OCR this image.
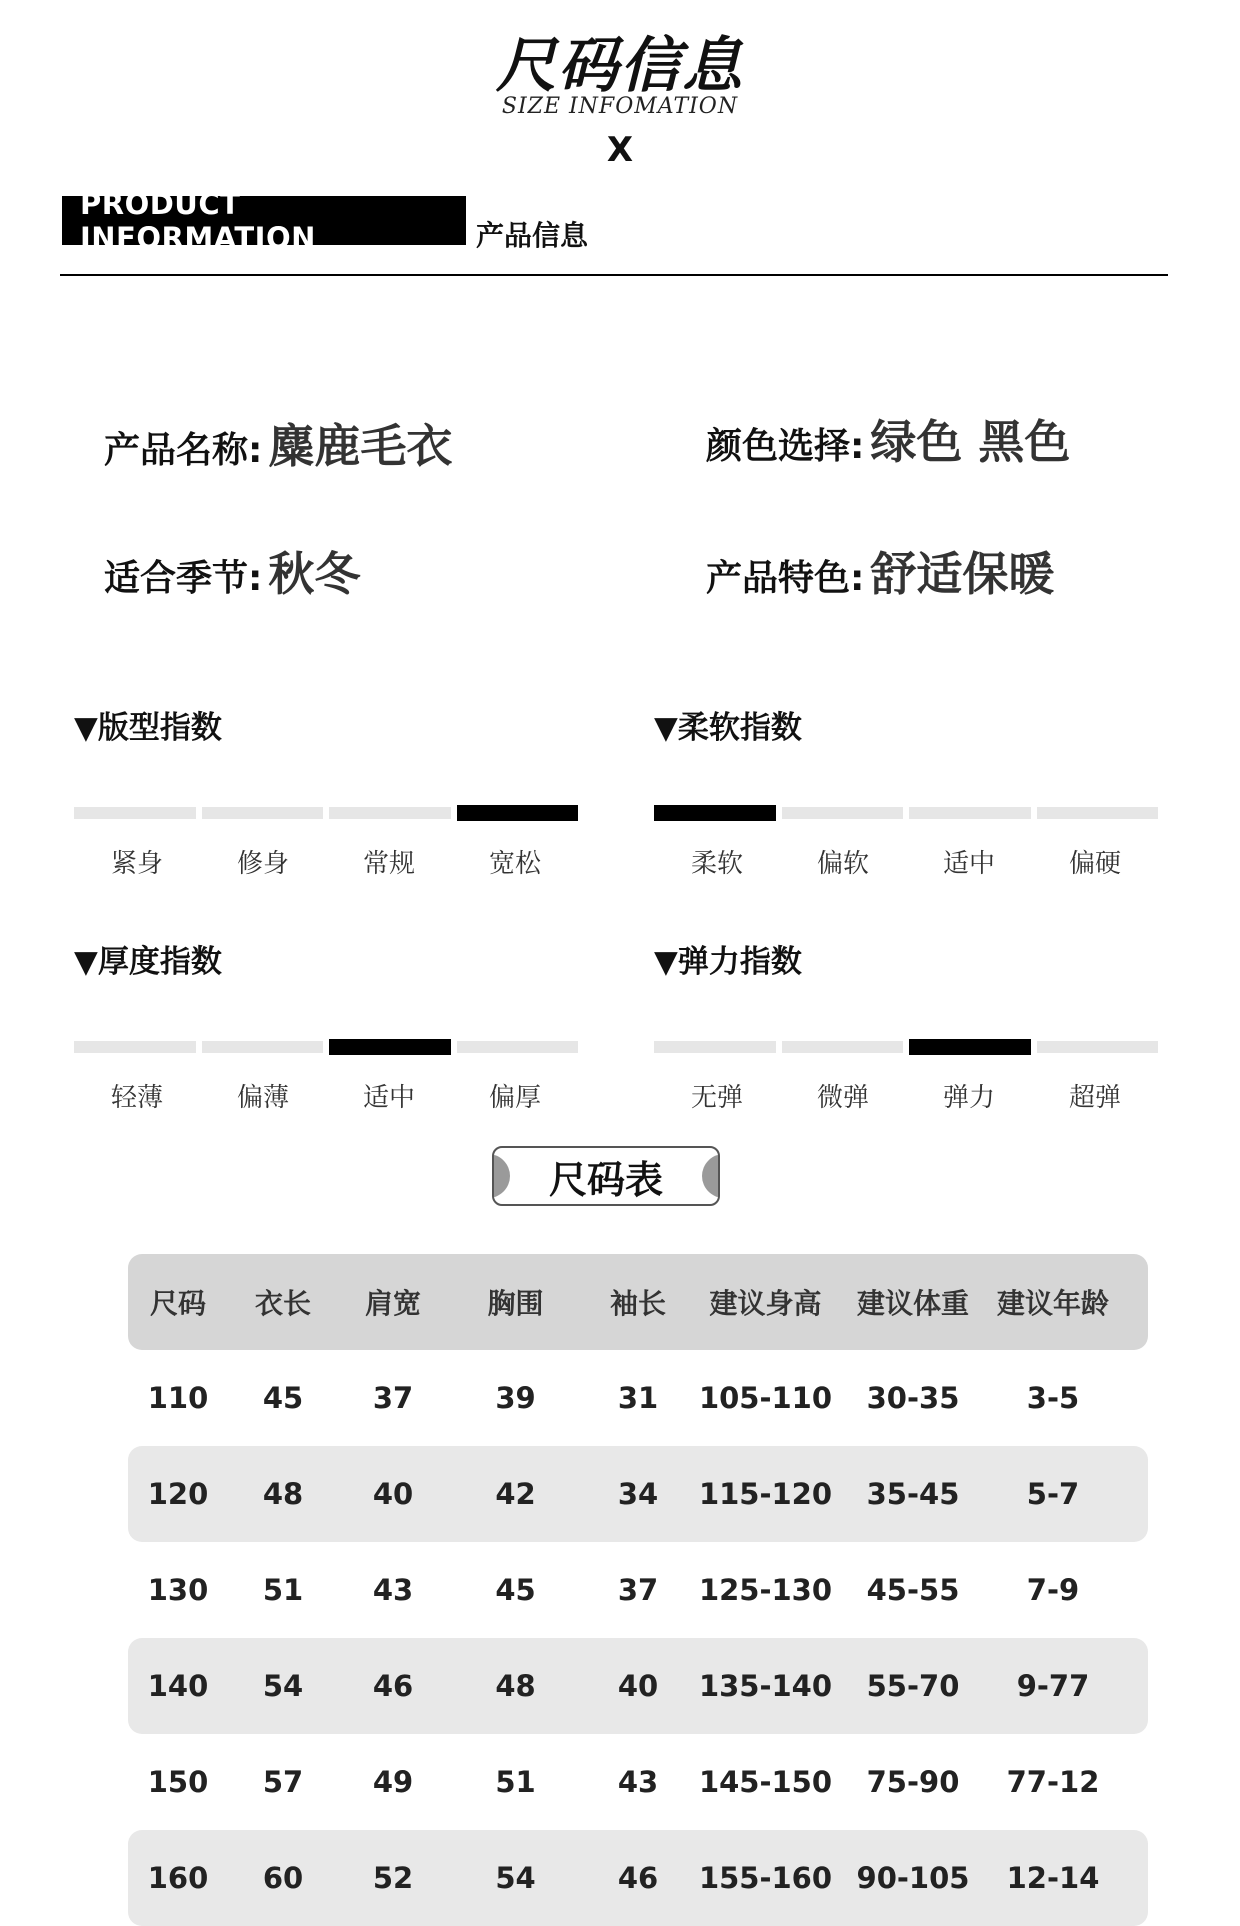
尺码信息
SIZE INFOMATION
X
PRODUCT INFORMATION	产品信息
产品名称: 麋鹿毛衣	颜色选择: 绿色 黑色
适合季节: 秋冬	产品特色: 舒适保暖
▼版型指数
紧身	修身	常规	宽松
▼柔软指数
柔软	偏软	适中	偏硬
▼厚度指数
轻薄	偏薄	适中	偏厚
▼弹力指数
无弹	微弹	弹力	超弹
尺码表
尺码	衣长	肩宽	胸围	袖长	建议身高	建议体重 建议年龄
110	45	37	39	31	105-110	30-35	3-5
120	48	40	42	34	115-120	35-45	5-7
130	51	43	45	37	125-130	45-55	7-9
140	54	46	48	40	135-140	55-70	9-77
150	57	49	51	43	145-150	75-90	77-12
160	60	52	54	46	155-160 90-105	12-14
